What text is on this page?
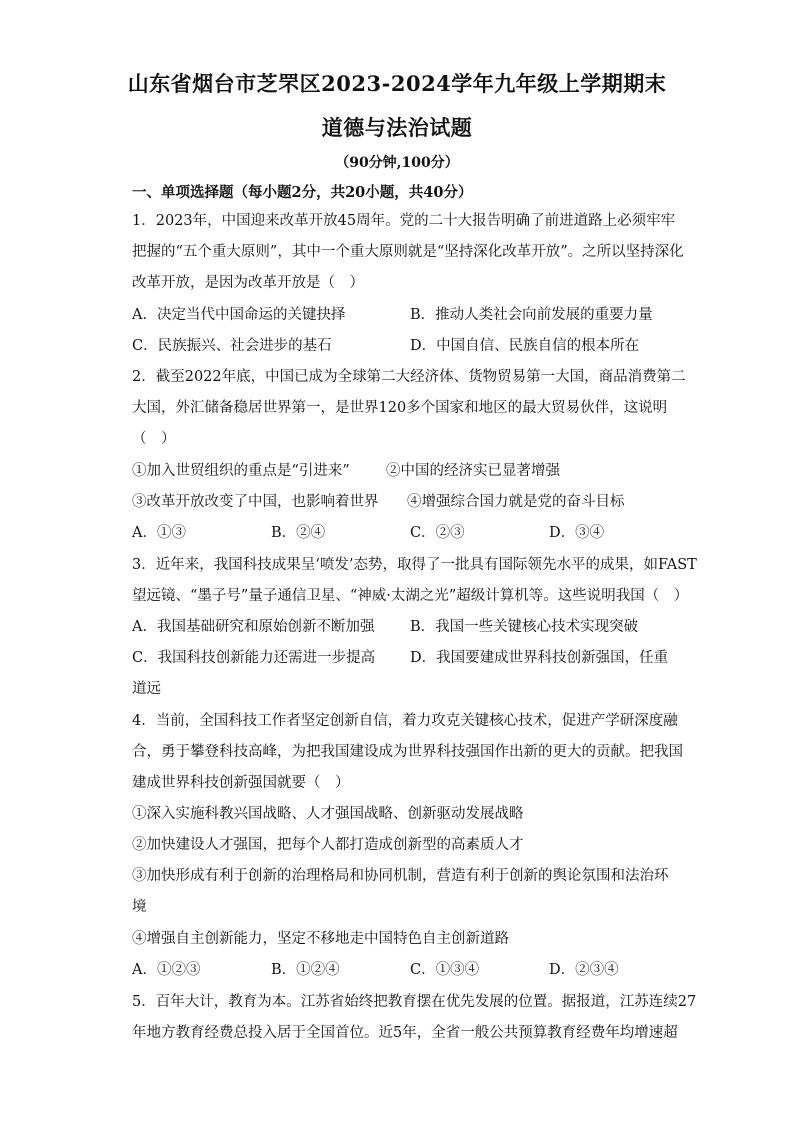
山东省烟台市芝罘区2023-2024学年九年级上学期期末
道德与法治试题
（90分钟,100分）
一、单项选择题（每小题2分，共20小题，共40分）
1．2023年，中国迎来改革开放45周年。党的二十大报告明确了前进道路上必须牢牢
把握的“五个重大原则”，其中一个重大原则就是“坚持深化改革开放”。之所以坚持深化
改革开放，是因为改革开放是（　）
A．决定当代中国命运的关键抉择	B．推动人类社会向前发展的重要力量
C．民族振兴、社会进步的基石	D．中国自信、民族自信的根本所在
2．截至2022年底，中国已成为全球第二大经济体、货物贸易第一大国，商品消费第二
大国，外汇储备稳居世界第一，是世界120多个国家和地区的最大贸易伙伴，这说明
（　）
①加入世贸组织的重点是“引进来” ②中国的经济实已显著增强
③改革开放改变了中国，也影响着世界 ④增强综合国力就是党的奋斗目标
A．①③	B．②④	C．②③	D．③④
3．近年来，我国科技成果呈‘喷发’态势，取得了一批具有国际领先水平的成果，如FAST
望远镜、“墨子号”量子通信卫星、“神威·太湖之光”超级计算机等。这些说明我国（　）
A．我国基础研究和原始创新不断加强 B．我国一些关键核心技术实现突破
C．我国科技创新能力还需进一步提高 D．我国要建成世界科技创新强国，任重
道远
4．当前，全国科技工作者坚定创新自信，着力攻克关键核心技术，促进产学研深度融
合，勇于攀登科技高峰，为把我国建设成为世界科技强国作出新的更大的贡献。把我国
建成世界科技创新强国就要（　）
①深入实施科教兴国战略、人才强国战略、创新驱动发展战略
②加快建设人才强国，把每个人都打造成创新型的高素质人才
③加快形成有利于创新的治理格局和协同机制，营造有利于创新的舆论氛围和法治环
境
④增强自主创新能力，坚定不移地走中国特色自主创新道路
A．①②③	B．①②④	C．①③④	D．②③④
5．百年大计，教育为本。江苏省始终把教育摆在优先发展的位置。据报道，江苏连续27
年地方教育经费总投入居于全国首位。近5年，全省一般公共预算教育经费年均增速超
